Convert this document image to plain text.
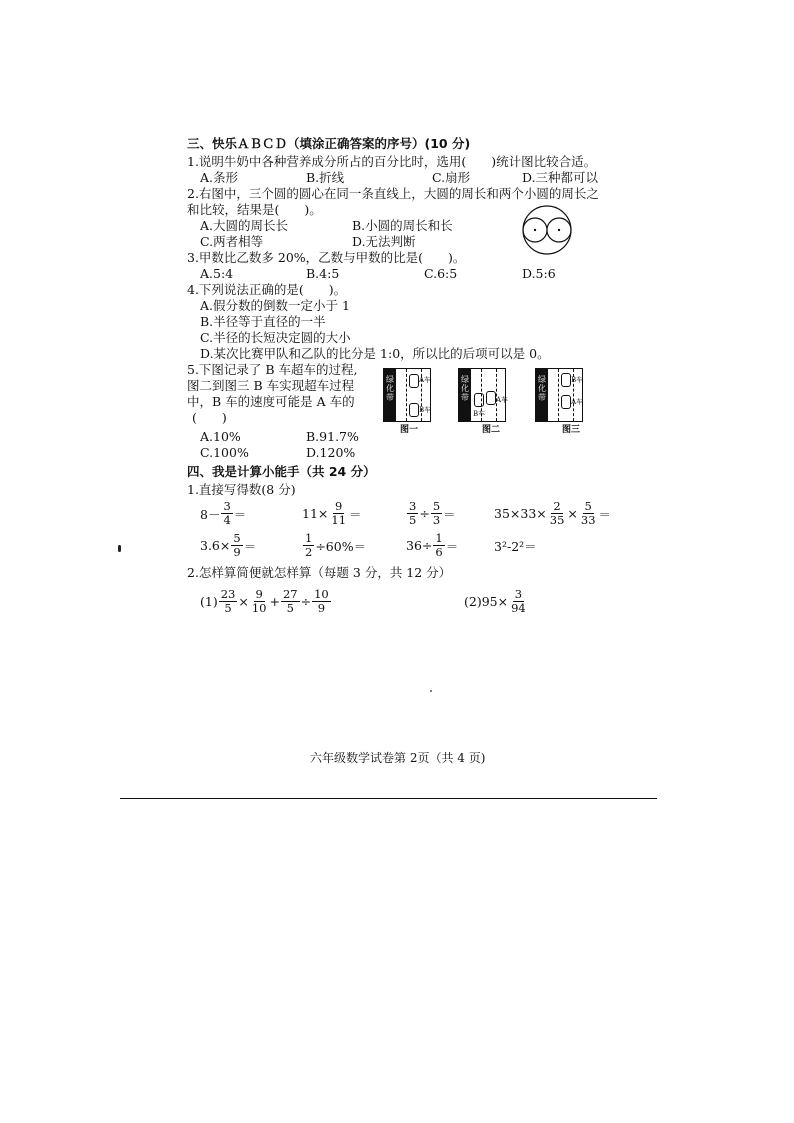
三、快乐ＡＢＣＤ（填涂正确答案的序号）(10 分)
1.说明牛奶中各种营养成分所占的百分比时，选用(　　)统计图比较合适。
A.条形	B.折线	C.扇形	D.三种都可以
2.右图中，三个圆的圆心在同一条直线上，大圆的周长和两个小圆的周长之
和比较，结果是(　　)。
A.大圆的周长长	B.小圆的周长和长
C.两者相等	D.无法判断
3.甲数比乙数多 20%，乙数与甲数的比是(　　)。
A.5:4	B.4:5	C.6:5	D.5:6
4.下列说法正确的是(　　)。
A.假分数的倒数一定小于 1
B.半径等于直径的一半
C.半径的长短决定圆的大小
D.某次比赛甲队和乙队的比分是 1:0，所以比的后项可以是 0。
5.下图记录了 B 车超车的过程,
图二到图三 B 车实现超车过程
中，B 车的速度可能是 A 车的
(　　)
A.10%	B.91.7%
C.100%	D.120%
绿化带
A车
B车
图一
绿化带
B车
A车
图二
绿化带
B车
A车
图三
四、我是计算小能手（共 24 分）
1.直接写得数(8 分)
$8- \frac{3}{4}$ ＝	$11\times \frac{9}{11}$ ＝	$\frac{3}{5} \div \frac{5}{3}$ ＝	$35\times 33\times \frac{2}{35} \times \frac{5}{33}$ ＝
$3.6\times \frac{5}{9}$ ＝	$\frac{1}{2} \div 60\%=$	$36\div \frac{1}{6}$ ＝	3²-2²＝
2.怎样算简便就怎样算（每题 3 分，共 12 分）
$(1) \frac{23}{5} \times \frac{9}{10} + \frac{27}{5} \div \frac{10}{9}$	$(2)95\times \frac{3}{94}$
六年级数学试卷第 2页（共 4 页)
